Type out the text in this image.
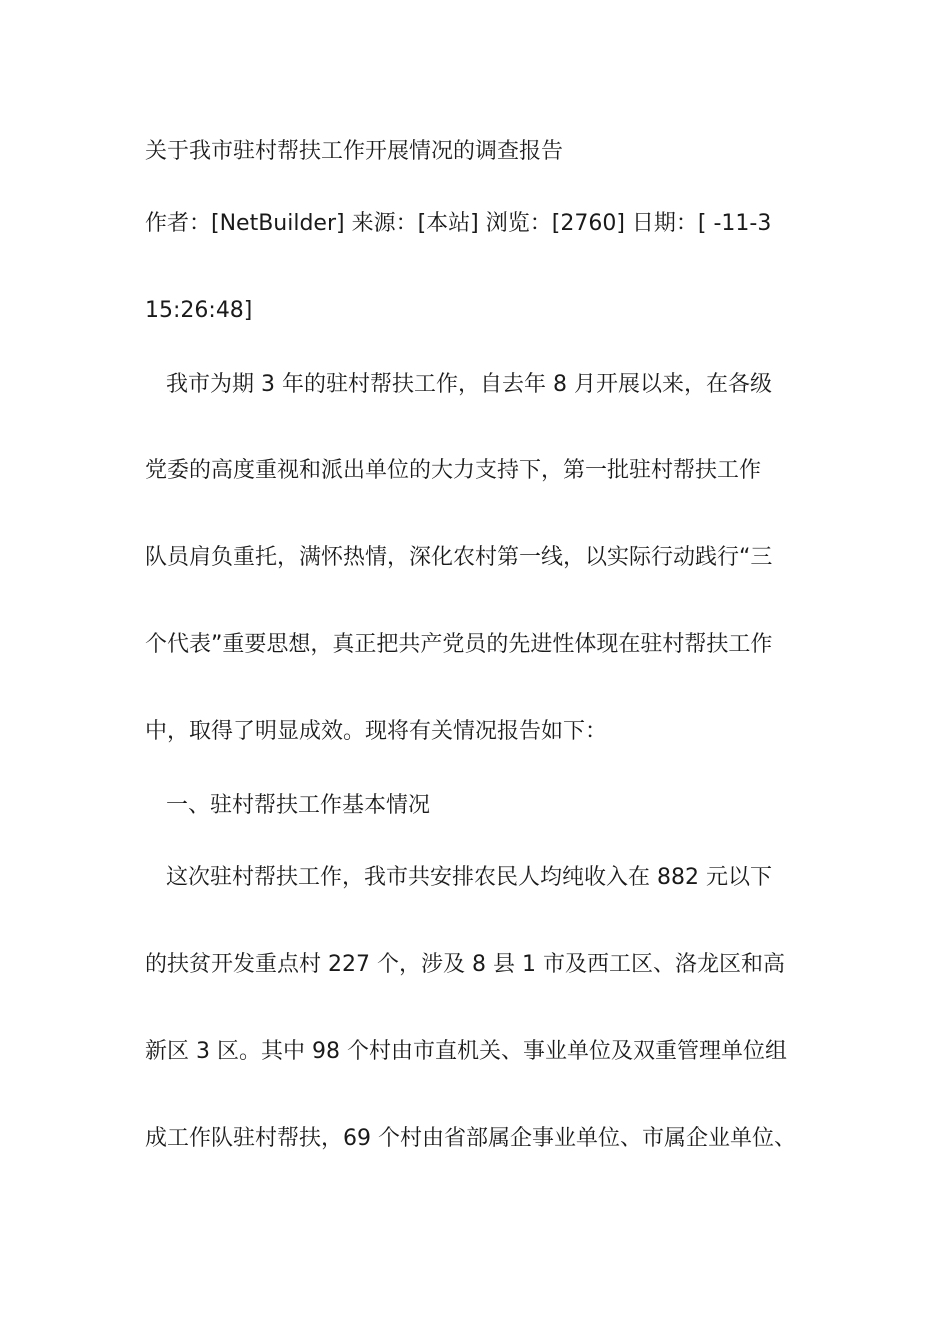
关于我市驻村帮扶工作开展情况的调查报告
作者：[NetBuilder] 来源：[本站] 浏览：[2760] 日期：[ -11-3
15:26:48]
我市为期 3 年的驻村帮扶工作，自去年 8 月开展以来，在各级
党委的高度重视和派出单位的大力支持下，第一批驻村帮扶工作
队员肩负重托，满怀热情，深化农村第一线，以实际行动践行“三
个代表”重要思想，真正把共产党员的先进性体现在驻村帮扶工作
中，取得了明显成效。现将有关情况报告如下：
一、驻村帮扶工作基本情况
这次驻村帮扶工作，我市共安排农民人均纯收入在 882 元以下
的扶贫开发重点村 227 个，涉及 8 县 1 市及西工区、洛龙区和高
新区 3 区。其中 98 个村由市直机关、事业单位及双重管理单位组
成工作队驻村帮扶，69 个村由省部属企事业单位、市属企业单位、
